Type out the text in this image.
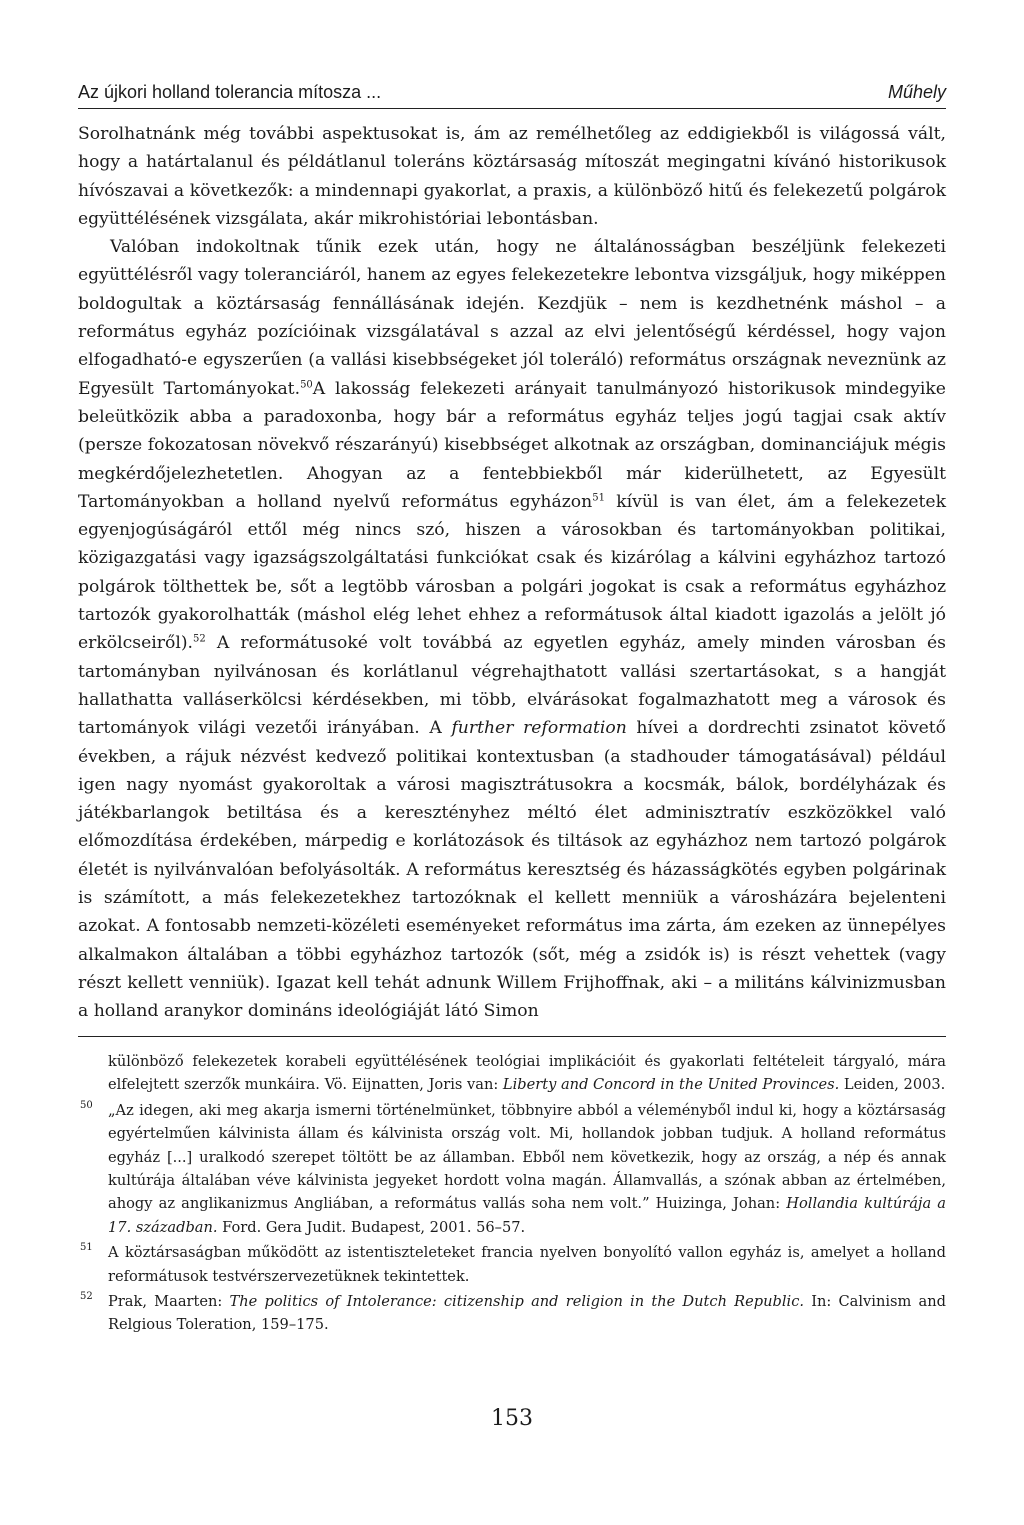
Az újkori holland tolerancia mítosza ...	Műhely

Sorolhatnánk még további aspektusokat is, ám az remélhetőleg az eddigiekből is világossá vált, hogy a határtalanul és példátlanul toleráns köztársaság mítoszát megingatni kívánó historikusok hívószavai a következők: a mindennapi gyakorlat, a praxis, a különböző hitű és felekezetű polgárok együttélésének vizsgálata, akár mikrohistóriai lebontásban.

Valóban indokoltnak tűnik ezek után, hogy ne általánosságban beszéljünk felekezeti együttélésről vagy toleranciáról, hanem az egyes felekezetekre lebontva vizsgáljuk, hogy miképpen boldogultak a köztársaság fennállásának idején. Kezdjük – nem is kezdhetnénk máshol – a református egyház pozícióinak vizsgálatával s azzal az elvi jelentőségű kérdéssel, hogy vajon elfogadható-e egyszerűen (a vallási kisebbségeket jól toleráló) református országnak neveznünk az Egyesült Tartományokat.$^{50}$A lakosság felekezeti arányait tanulmányozó historikusok mindegyike beleütközik abba a paradoxonba, hogy bár a református egyház teljes jogú tagjai csak aktív (persze fokozatosan növekvő részarányú) kisebbséget alkotnak az országban, dominanciájuk mégis megkérdőjelezhetetlen. Ahogyan az a fentebbiekből már kiderülhetett, az Egyesült Tartományokban a holland nyelvű református egyházon$^{51}$ kívül is van élet, ám a felekezetek egyenjogúságáról ettől még nincs szó, hiszen a városokban és tartományokban politikai, közigazgatási vagy igazságszolgáltatási funkciókat csak és kizárólag a kálvini egyházhoz tartozó polgárok tölthettek be, sőt a legtöbb városban a polgári jogokat is csak a református egyházhoz tartozók gyakorolhatták (máshol elég lehet ehhez a reformátusok által kiadott igazolás a jelölt jó erkölcseiről).$^{52}$ A reformátusoké volt továbbá az egyetlen egyház, amely minden városban és tartományban nyilvánosan és korlátlanul végrehajthatott vallási szertartásokat, s a hangját hallathatta valláserkölcsi kérdésekben, mi több, elvárásokat fogalmazhatott meg a városok és tartományok világi vezetői irányában. A further reformation hívei a dordrechti zsinatot követő években, a rájuk nézvést kedvező politikai kontextusban (a stadhouder támogatásával) például igen nagy nyomást gyakoroltak a városi magisztrátusokra a kocsmák, bálok, bordélyházak és játékbarlangok betiltása és a keresztényhez méltó élet adminisztratív eszközökkel való előmozdítása érdekében, márpedig e korlátozások és tiltások az egyházhoz nem tartozó polgárok életét is nyilvánvalóan befolyásolták. A református keresztség és házasságkötés egyben polgárinak is számított, a más felekezetekhez tartozóknak el kellett menniük a városházára bejelenteni azokat. A fontosabb nemzeti-közéleti eseményeket református ima zárta, ám ezeken az ünnepélyes alkalmakon általában a többi egyházhoz tartozók (sőt, még a zsidók is) is részt vehettek (vagy részt kellett venniük). Igazat kell tehát adnunk Willem Frijhoffnak, aki – a militáns kálvinizmusban a holland aranykor domináns ideológiáját látó Simon

különböző felekezetek korabeli együttélésének teológiai implikációit és gyakorlati feltételeit tárgyaló, mára elfelejtett szerzők munkáira. Vö. Eijnatten, Joris van: Liberty and Concord in the United Provinces. Leiden, 2003.
50 „Az idegen, aki meg akarja ismerni történelmünket, többnyire abból a véleményből indul ki, hogy a köztársaság egyértelműen kálvinista állam és kálvinista ország volt. Mi, hollandok jobban tudjuk. A holland református egyház [...] uralkodó szerepet töltött be az államban. Ebből nem következik, hogy az ország, a nép és annak kultúrája általában véve kálvinista jegyeket hordott volna magán. Államvallás, a szónak abban az értelmében, ahogy az anglikanizmus Angliában, a református vallás soha nem volt.” Huizinga, Johan: Hollandia kultúrája a 17. században. Ford. Gera Judit. Budapest, 2001. 56–57.
51 A köztársaságban működött az istentiszteleteket francia nyelven bonyolító vallon egyház is, amelyet a holland reformátusok testvérszervezetüknek tekintettek.
52 Prak, Maarten: The politics of Intolerance: citizenship and religion in the Dutch Republic. In: Calvinism and Relgious Toleration, 159–175.
153
